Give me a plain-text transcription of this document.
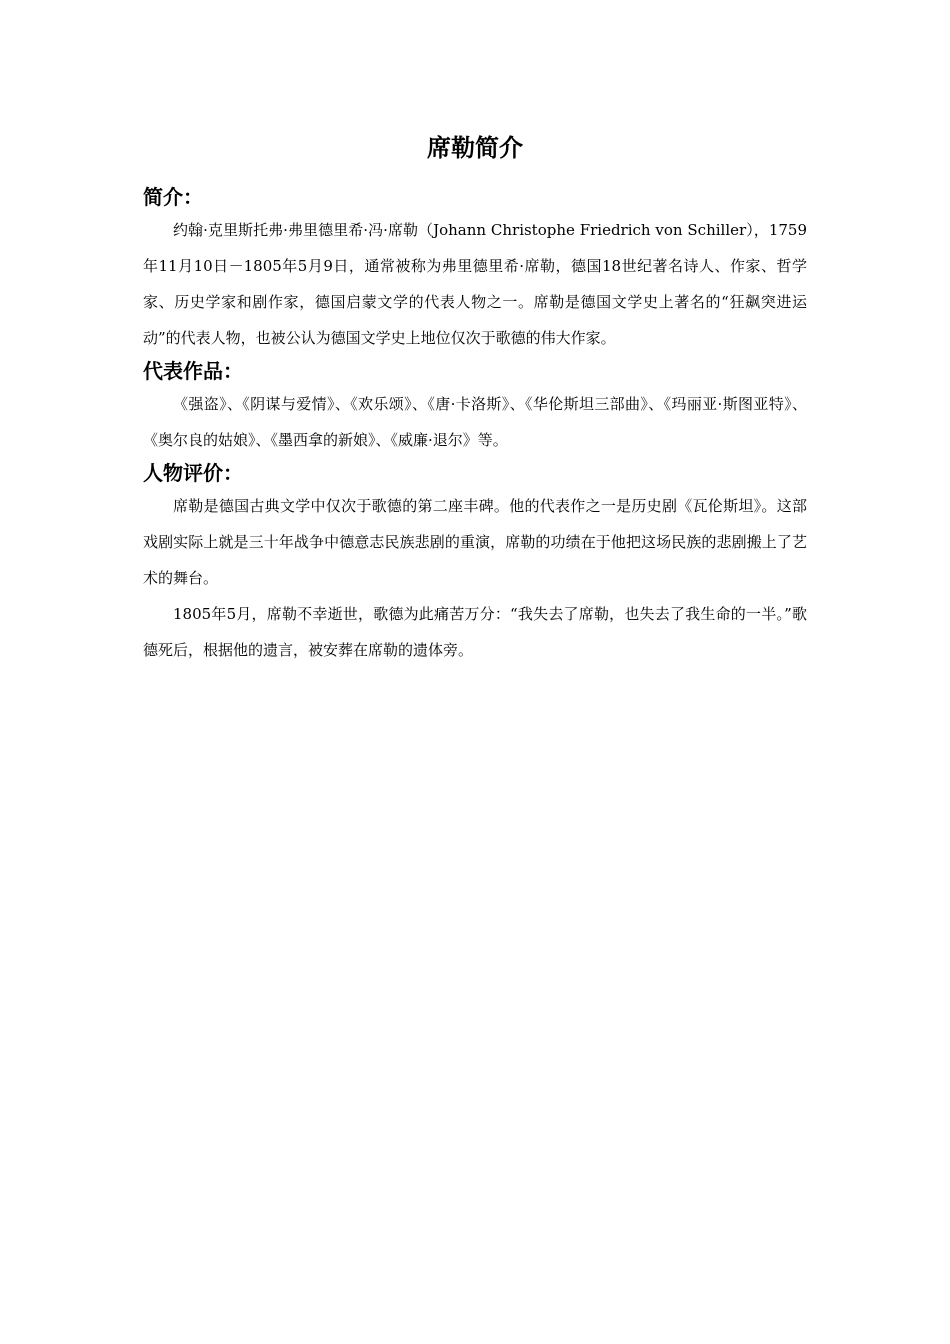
席勒简介
简介：

约翰·克里斯托弗·弗里德里希·冯·席勒（Johann Christophe Friedrich von Schiller），1759年11月10日－1805年5月9日，通常被称为弗里德里希·席勒，德国18世纪著名诗人、作家、哲学家、历史学家和剧作家，德国启蒙文学的代表人物之一。席勒是德国文学史上著名的“狂飙突进运动”的代表人物，也被公认为德国文学史上地位仅次于歌德的伟大作家。

代表作品：

《强盗》、《阴谋与爱情》、《欢乐颂》、《唐·卡洛斯》、《华伦斯坦三部曲》、《玛丽亚·斯图亚特》、《奥尔良的姑娘》、《墨西拿的新娘》、《威廉·退尔》等。

人物评价：

席勒是德国古典文学中仅次于歌德的第二座丰碑。他的代表作之一是历史剧《瓦伦斯坦》。这部戏剧实际上就是三十年战争中德意志民族悲剧的重演，席勒的功绩在于他把这场民族的悲剧搬上了艺术的舞台。

1805年5月，席勒不幸逝世，歌德为此痛苦万分：“我失去了席勒，也失去了我生命的一半。”歌德死后，根据他的遗言，被安葬在席勒的遗体旁。
